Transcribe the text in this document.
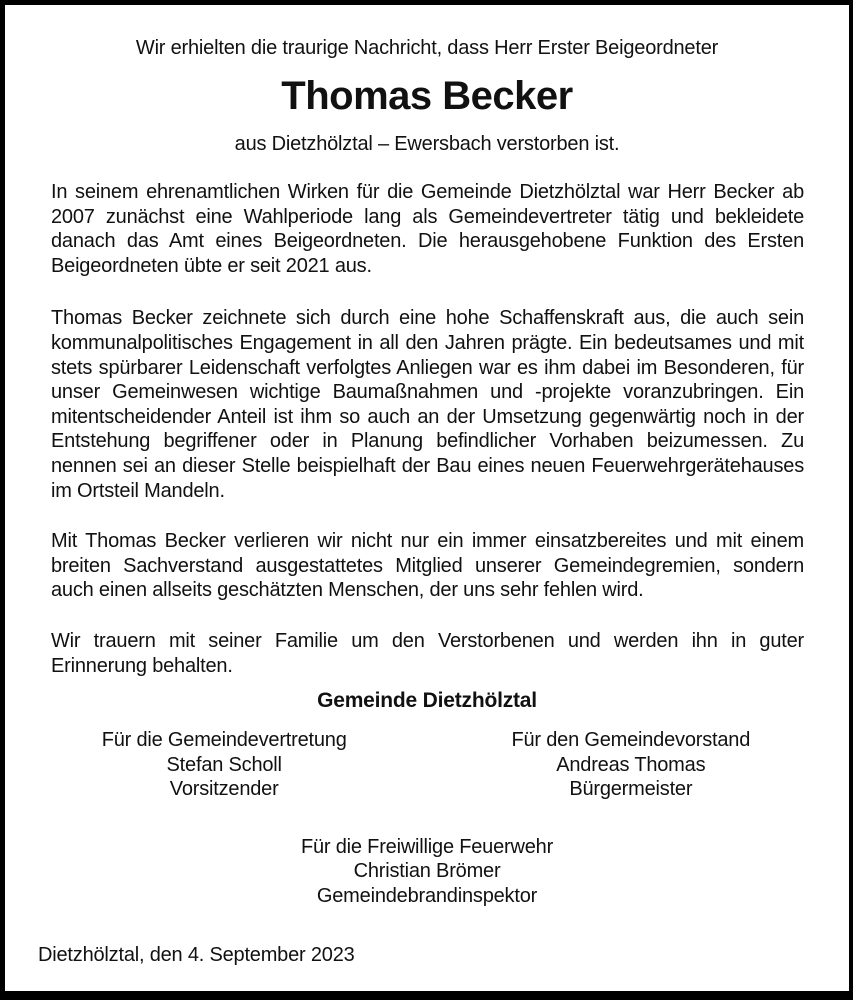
Wir erhielten die traurige Nachricht, dass Herr Erster Beigeordneter
Thomas Becker
aus Dietzhölztal – Ewersbach verstorben ist.

In seinem ehrenamtlichen Wirken für die Gemeinde Dietzhölztal war Herr Becker ab 2007 zunächst eine Wahlperiode lang als Gemeindevertreter tätig und bekleidete danach das Amt eines Beigeordneten. Die herausgehobene Funktion des Ersten Beigeordneten übte er seit 2021 aus.

Thomas Becker zeichnete sich durch eine hohe Schaffenskraft aus, die auch sein kommunalpolitisches Engagement in all den Jahren prägte. Ein bedeutsames und mit stets spürbarer Leidenschaft verfolgtes Anliegen war es ihm dabei im Besonderen, für unser Gemeinwesen wichtige Baumaßnahmen und -projekte voranzubringen. Ein mitentscheidender Anteil ist ihm so auch an der Umsetzung gegenwärtig noch in der Entstehung begriffener oder in Planung befindlicher Vorhaben beizumessen. Zu nennen sei an dieser Stelle beispielhaft der Bau eines neuen Feuerwehrgerätehauses im Ortsteil Mandeln.

Mit Thomas Becker verlieren wir nicht nur ein immer einsatzbereites und mit einem breiten Sachverstand ausgestattetes Mitglied unserer Gemeindegremien, sondern auch einen allseits geschätzten Menschen, der uns sehr fehlen wird.

Wir trauern mit seiner Familie um den Verstorbenen und werden ihn in guter Erinnerung behalten.

Gemeinde Dietzhölztal
Für die Gemeindevertretung
Stefan Scholl
Vorsitzender
Für den Gemeindevorstand
Andreas Thomas
Bürgermeister
Für die Freiwillige Feuerwehr
Christian Brömer
Gemeindebrandinspektor
Dietzhölztal, den 4. September 2023
